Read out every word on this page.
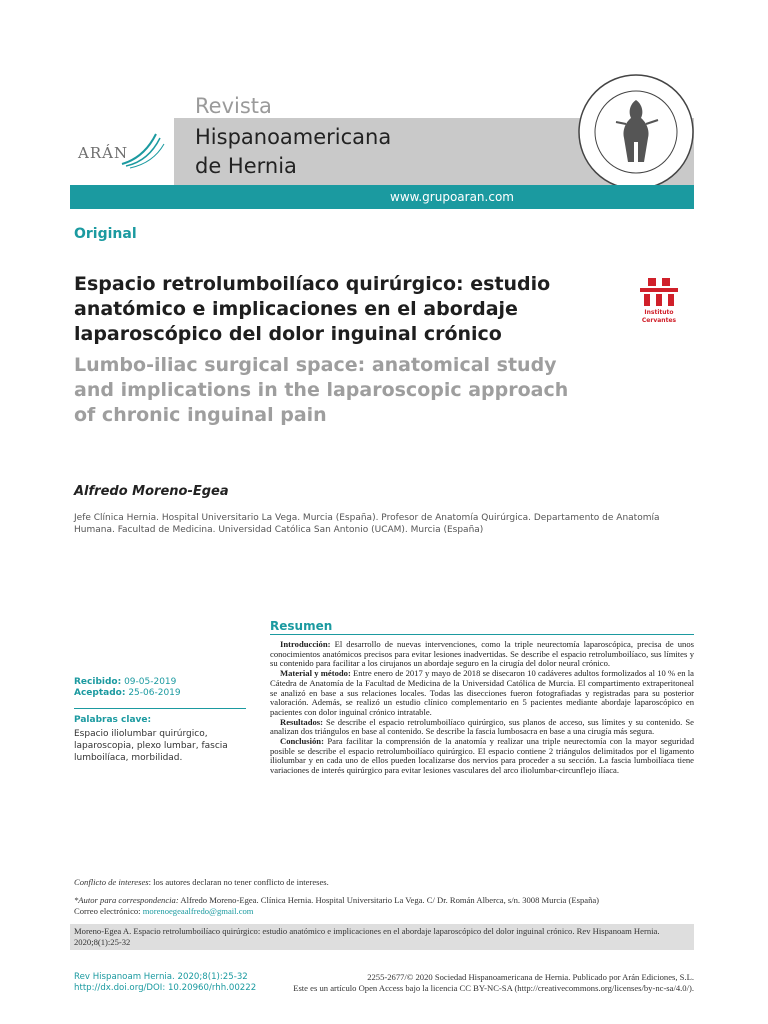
ARÁN
Revista
Hispanoamericana
de Hernia
www.grupoaran.com
Original
Espacio retrolumboilíaco quirúrgico: estudio anatómico e implicaciones en el abordaje laparoscópico del dolor inguinal crónico
Lumbo-iliac surgical space: anatomical study and implications in the laparoscopic approach of chronic inguinal pain
Instituto
Cervantes
Alfredo Moreno-Egea
Jefe Clínica Hernia. Hospital Universitario La Vega. Murcia (España). Profesor de Anatomía Quirúrgica. Departamento de Anatomía Humana. Facultad de Medicina. Universidad Católica San Antonio (UCAM). Murcia (España)
Resumen

Introducción: El desarrollo de nuevas intervenciones, como la triple neurectomía laparoscópica, precisa de unos conocimientos anatómicos precisos para evitar lesiones inadvertidas. Se describe el espacio retrolumboilíaco, sus límites y su contenido para facilitar a los cirujanos un abordaje seguro en la cirugía del dolor neural crónico.

Material y método: Entre enero de 2017 y mayo de 2018 se disecaron 10 cadáveres adultos formolizados al 10 % en la Cátedra de Anatomía de la Facultad de Medicina de la Universidad Católica de Murcia. El compartimento extraperitoneal se analizó en base a sus relaciones locales. Todas las disecciones fueron fotografiadas y registradas para su posterior valoración. Además, se realizó un estudio clínico complementario en 5 pacientes mediante abordaje laparoscópico en pacientes con dolor inguinal crónico intratable.

Resultados: Se describe el espacio retrolumboilíaco quirúrgico, sus planos de acceso, sus límites y su contenido. Se analizan dos triángulos en base al contenido. Se describe la fascia lumbosacra en base a una cirugía más segura.

Conclusión: Para facilitar la comprensión de la anatomía y realizar una triple neurectomía con la mayor seguridad posible se describe el espacio retrolumboilíaco quirúrgico. El espacio contiene 2 triángulos delimitados por el ligamento iliolumbar y en cada uno de ellos pueden localizarse dos nervios para proceder a su sección. La fascia lumboilíaca tiene variaciones de interés quirúrgico para evitar lesiones vasculares del arco iliolumbar-circunflejo ilíaca.

Recibido: 09-05-2019
Aceptado: 25-06-2019
Palabras clave:
Espacio iliolumbar quirúrgico, laparoscopia, plexo lumbar, fascia lumboilíaca, morbilidad.
Conflicto de intereses: los autores declaran no tener conflicto de intereses.
*Autor para correspondencia: Alfredo Moreno-Egea. Clínica Hernia. Hospital Universitario La Vega. C/ Dr. Román Alberca, s/n. 3008 Murcia (España)
Correo electrónico: morenoegeaalfredo@gmail.com
Moreno-Egea A. Espacio retrolumboilíaco quirúrgico: estudio anatómico e implicaciones en el abordaje laparoscópico del dolor inguinal crónico. Rev Hispanoam Hernia. 2020;8(1):25-32
Rev Hispanoam Hernia. 2020;8(1):25-32
http://dx.doi.org/DOI: 10.20960/rhh.00222
2255-2677/© 2020 Sociedad Hispanoamericana de Hernia. Publicado por Arán Ediciones, S.L.
Este es un artículo Open Access bajo la licencia CC BY-NC-SA (http://creativecommons.org/licenses/by-nc-sa/4.0/).
